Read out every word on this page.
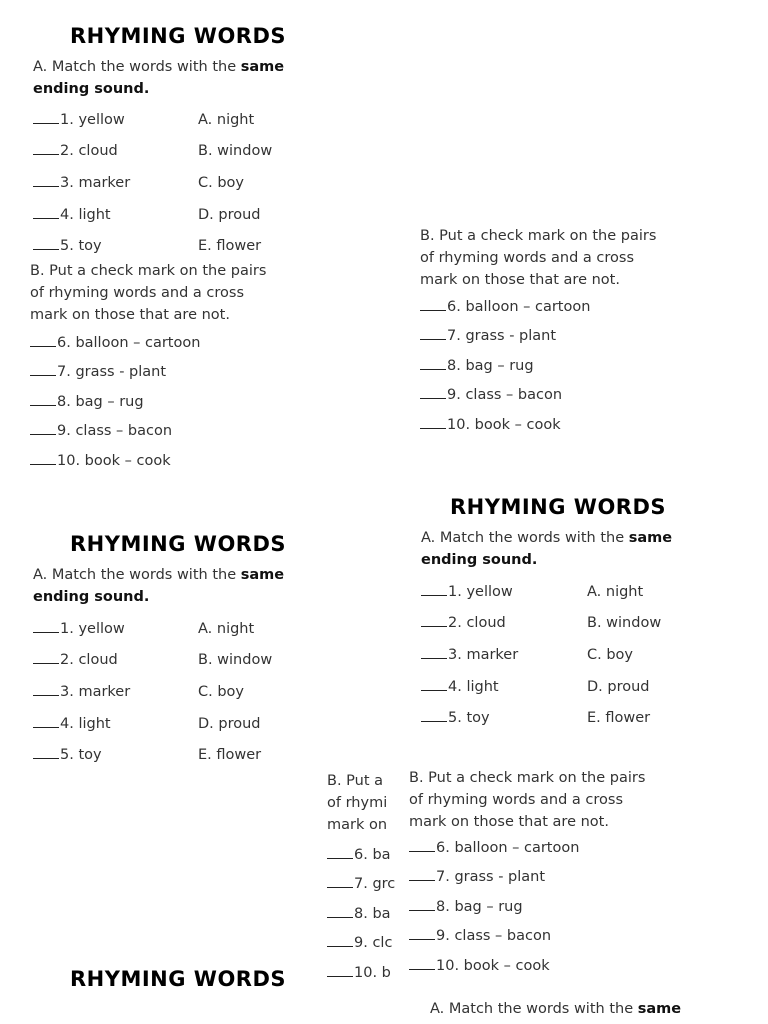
RHYMING WORDS
A. Match the words with the same
ending sound.
1. yellow
2. cloud
3. marker
4. light
5. toy
A. night
B. window
C. boy
D. proud
E. flower
B. Put a check mark on the pairs
of rhyming words and a cross
mark on those that are not.
6. balloon – cartoon
7. grass - plant
8. bag – rug
9. class – bacon
10. book – cook
B. Put a check mark on the pairs
of rhyming words and a cross
mark on those that are not.
6. balloon – cartoon
7. grass - plant
8. bag – rug
9. class – bacon
10. book – cook
RHYMING WORDS
A. Match the words with the same
ending sound.
1. yellow
2. cloud
3. marker
4. light
5. toy
A. night
B. window
C. boy
D. proud
E. flower
RHYMING WORDS
A. Match the words with the same
ending sound.
1. yellow
2. cloud
3. marker
4. light
5. toy
A. night
B. window
C. boy
D. proud
E. flower
B. Put a
of rhymi
mark on
6. ba
7. grc
8. ba
9. clc
10. b
B. Put a check mark on the pairs
of rhyming words and a cross
mark on those that are not.
6. balloon – cartoon
7. grass - plant
8. bag – rug
9. class – bacon
10. book – cook
RHYMING WORDS
A. Match the words with the same
